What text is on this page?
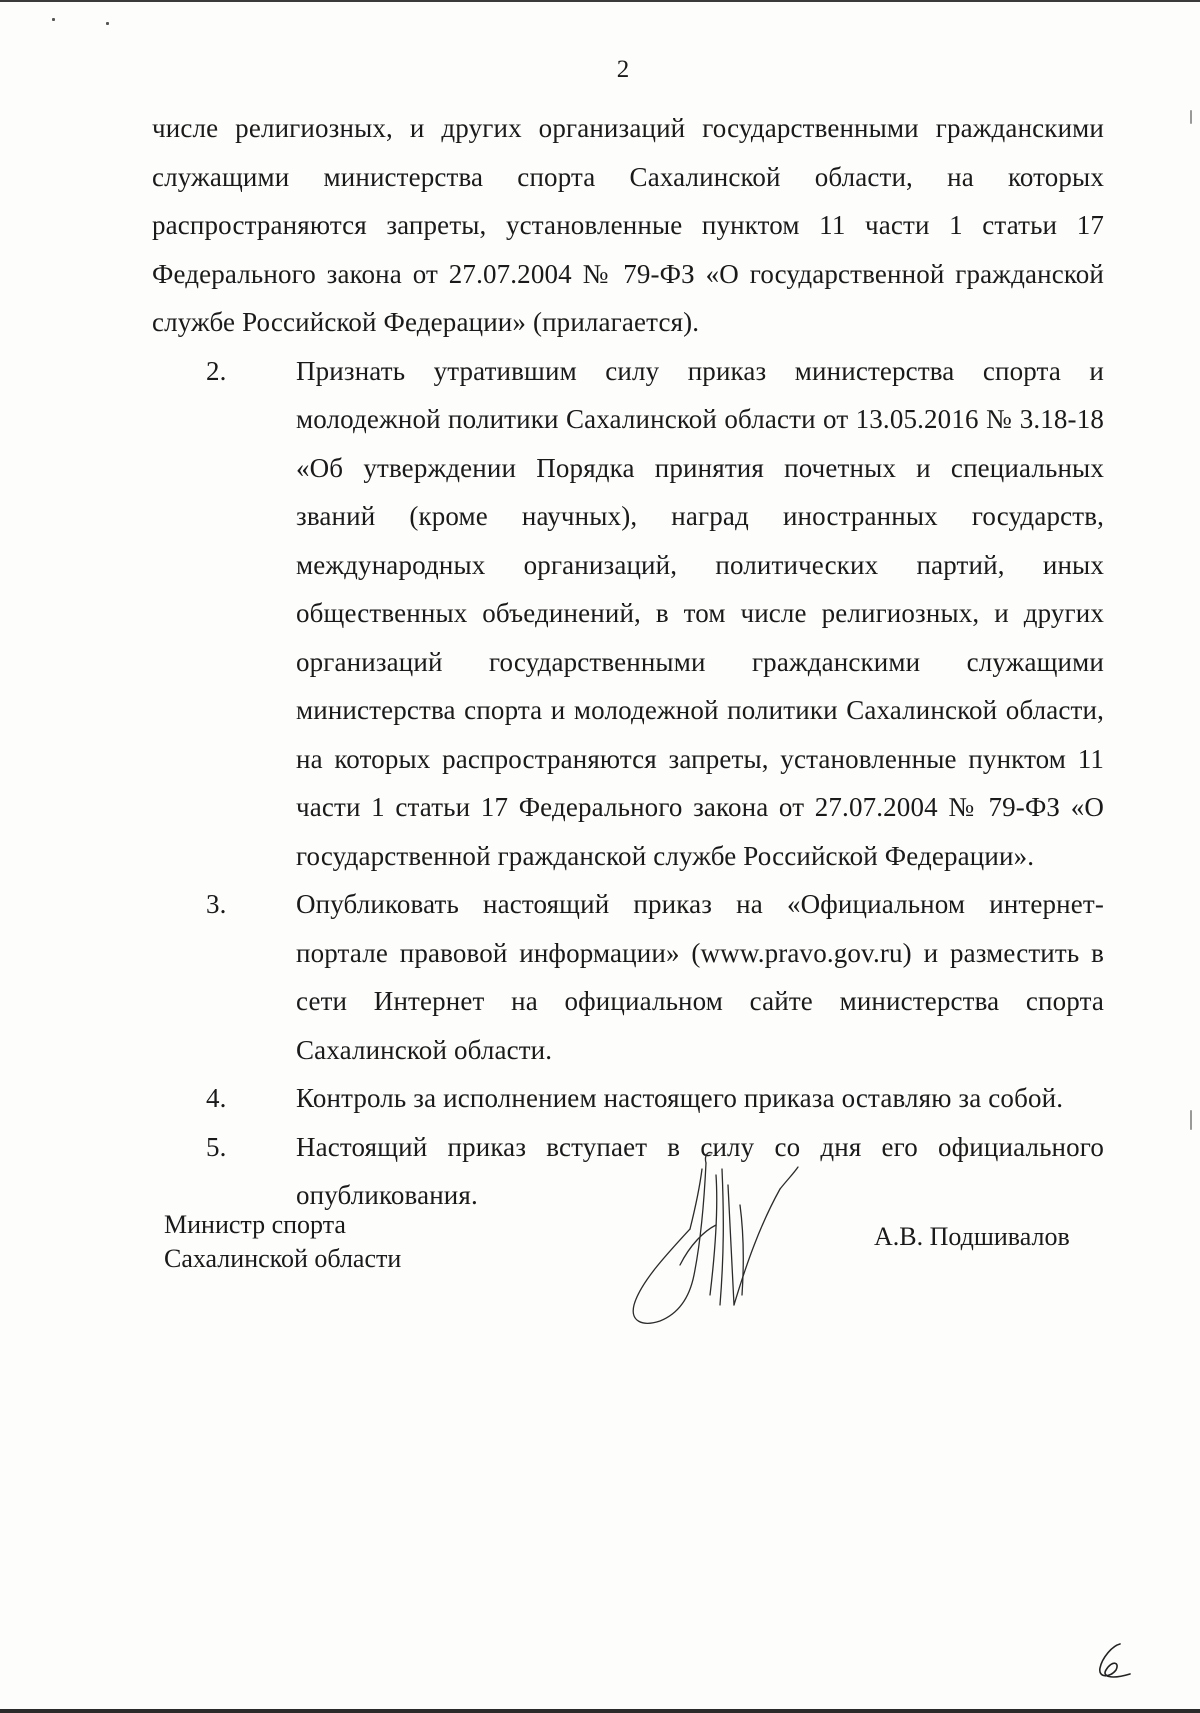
2

числе религиозных, и других организаций государственными гражданскими служащими министерства спорта Сахалинской области, на которых распространяются запреты, установленные пунктом 11 части 1 статьи 17 Федерального закона от 27.07.2004 № 79-ФЗ «О государственной гражданской службе Российской Федерации» (прилагается).

2.	Признать утратившим силу приказ министерства спорта и молодежной политики Сахалинской области от 13.05.2016 № 3.18-18 «Об утверждении Порядка принятия почетных и специальных званий (кроме научных), наград иностранных государств, международных организаций, политических партий, иных общественных объединений, в том числе религиозных, и других организаций государственными гражданскими служащими министерства спорта и молодежной политики Сахалинской области, на которых распространяются запреты, установленные пунктом 11 части 1 статьи 17 Федерального закона от 27.07.2004 № 79-ФЗ «О государственной гражданской службе Российской Федерации».
3.	Опубликовать настоящий приказ на «Официальном интернет-портале правовой информации» (www.pravo.gov.ru) и разместить в сети Интернет на официальном сайте министерства спорта Сахалинской области.
4.	Контроль за исполнением настоящего приказа оставляю за собой.
5.	Настоящий приказ вступает в силу со дня его официального опубликования.
Министр спорта
Сахалинской области
А.В. Подшивалов
